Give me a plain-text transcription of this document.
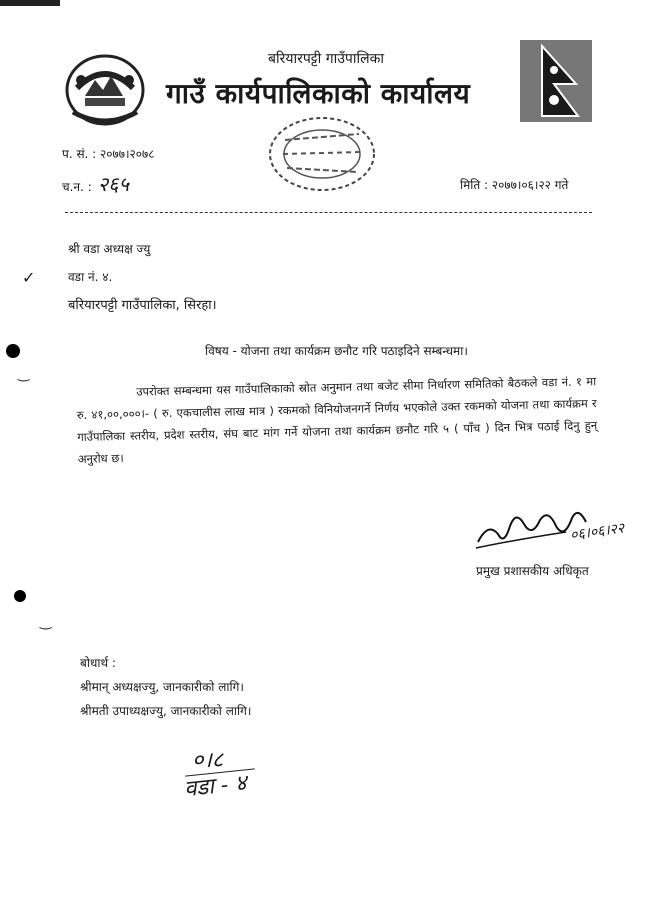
‿
‿
बरियारपट्टी गाउँपालिका
गाउँ कार्यपालिकाको कार्यालय
प. सं. : २०७७।२०७८
च.न. : २६५	मिति : २०७७।०६।२२ गते
✓
श्री वडा अध्यक्ष ज्यु
वडा नं. ४.
बरियारपट्टी गाउँपालिका, सिरहा।
विषय - योजना तथा कार्यक्रम छनौट गरि पठाइदिने सम्बन्धमा।
उपरोक्त सम्बन्धमा यस गाउँपालिकाको स्रोत अनुमान तथा बजेट सीमा निर्धारण समितिको बैठकले वडा नं. १ मा रु. ४१,००,०००।- ( रु. एकचालीस लाख मात्र ) रकमको विनियोजनगर्ने निर्णय भएकोले उक्त रकमको योजना तथा कार्यक्रम र गाउँपालिका स्तरीय, प्रदेश स्तरीय, संघ बाट मांग गर्ने योजना तथा कार्यक्रम छनौट गरि ५ ( पाँच ) दिन भित्र पठाई दिनु हुन् अनुरोध छ।
०६।०६।२२
प्रमुख प्रशासकीय अधिकृत
बोधार्थ :
श्रीमान् अध्यक्षज्यु, जानकारीको लागि।
श्रीमती उपाध्यक्षज्यु, जानकारीको लागि।
०।८
वडा - ४
